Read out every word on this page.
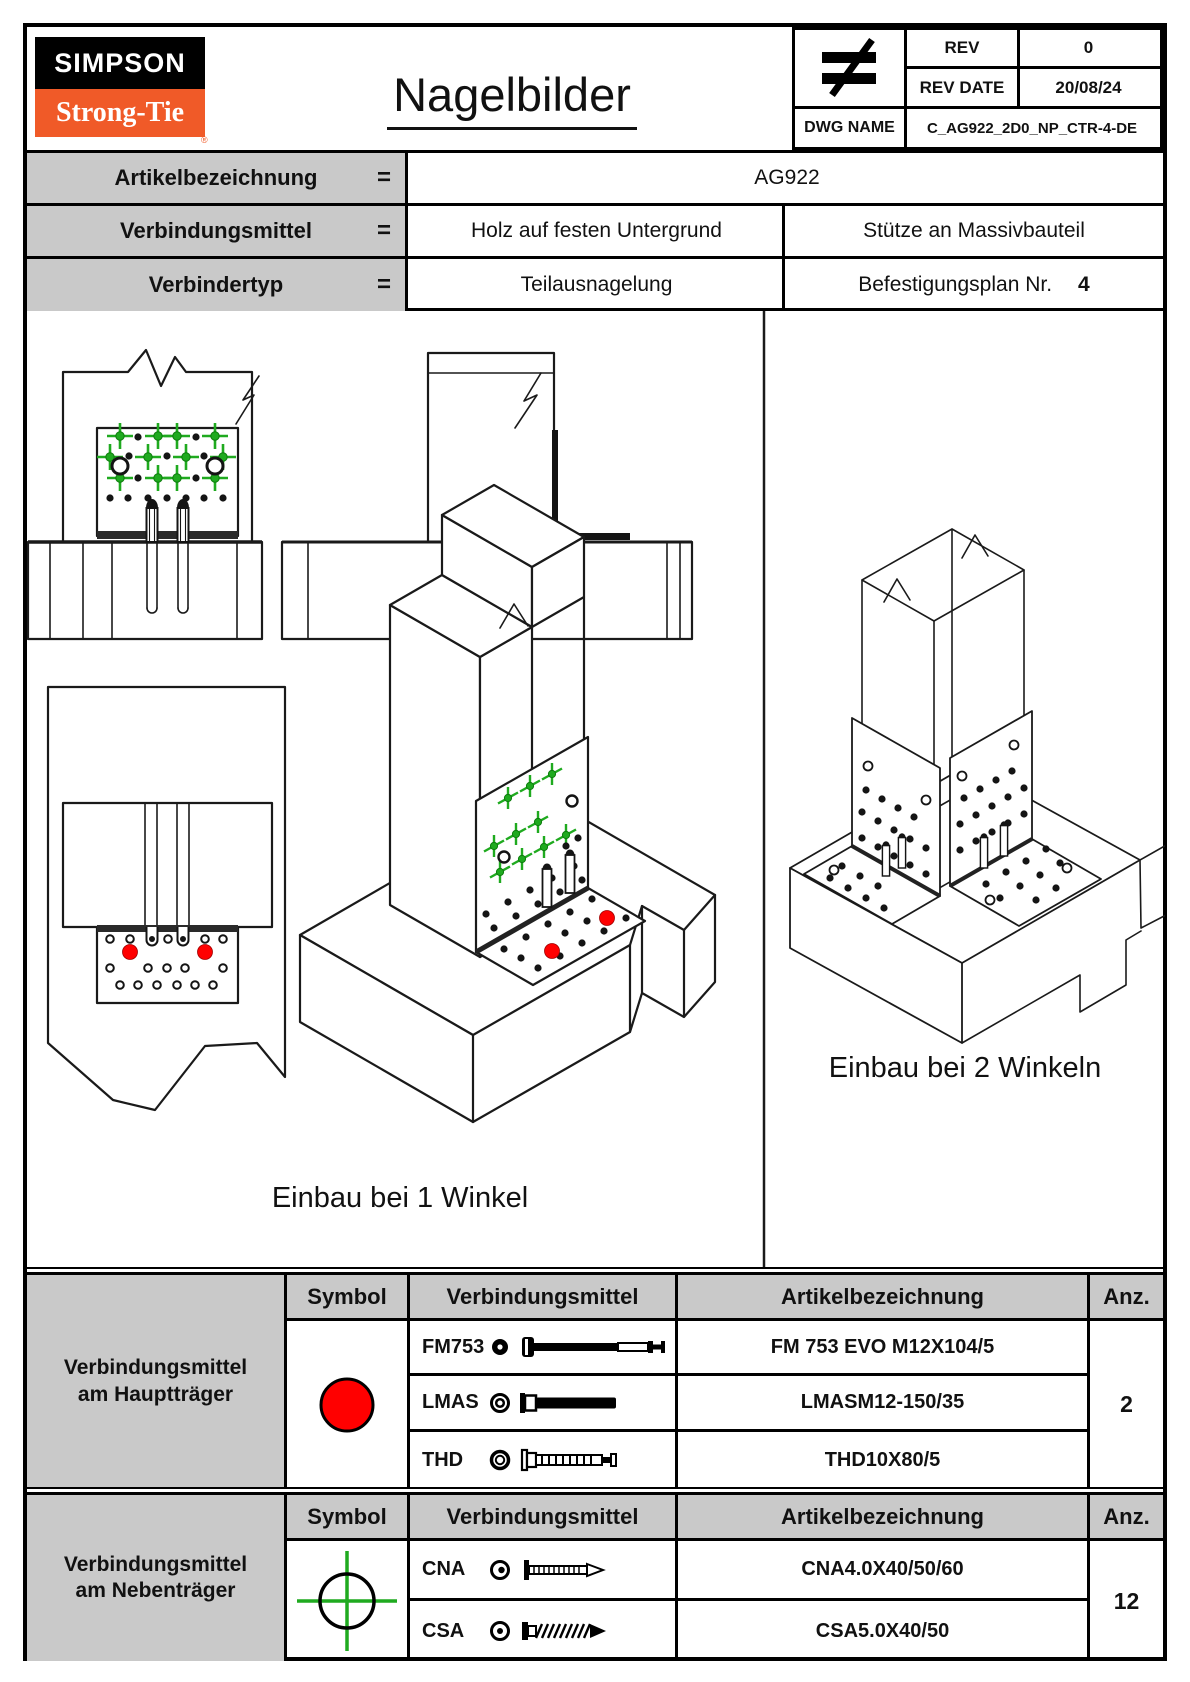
SIMPSON
Strong-Tie
®
Nagelbilder
REV	0
REV DATE	20/08/24
DWG NAME	C_AG922_2D0_NP_CTR-4-DE
Artikelbezeichnung =	AG922
Verbindungsmittel	=	Holz auf festen Untergrund	Stütze an Massivbauteil
Verbindertyp	=	Teilausnagelung	Befestigungsplan Nr. 4
Einbau bei 1 Winkel
Einbau bei 2 Winkeln
Verbindungsmittel
am Hauptträger
Symbol	Verbindungsmittel	Artikelbezeichnung	Anz.
FM753	FM 753 EVO M12X104/5
LMAS	LMASM12-150/35
THD	THD10X80/5
2
Verbindungsmittel
am Nebenträger
Symbol	Verbindungsmittel	Artikelbezeichnung	Anz.
CNA	CNA4.0X40/50/60
CSA	CSA5.0X40/50
12
